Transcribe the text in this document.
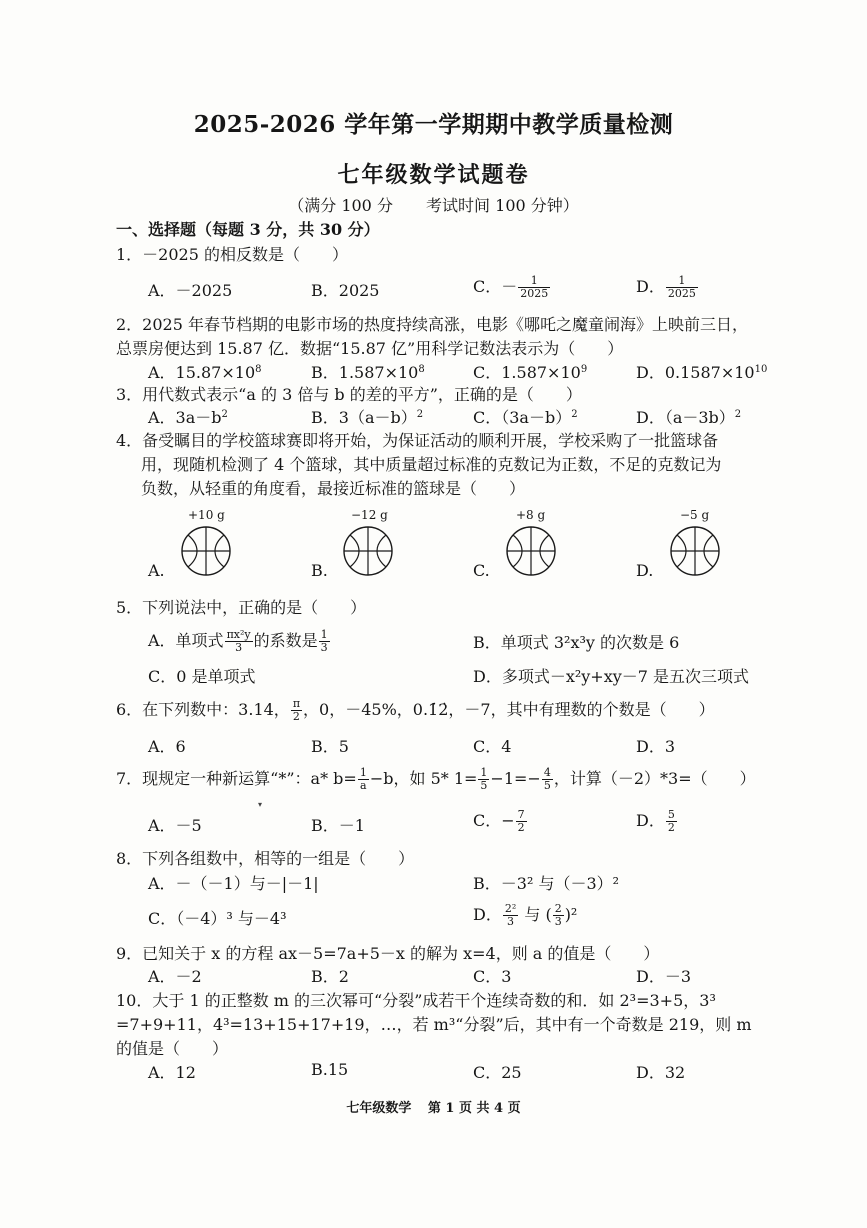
2025-2026 学年第一学期期中教学质量检测
七年级数学试题卷
（满分 100 分 考试时间 100 分钟）
一、选择题（每题 3 分，共 30 分）
1．－2025 的相反数是（　　）
A．－2025	B．2025	C．－ $\frac{1}{2025}$	D． $\frac{1}{2025}$
2．2025 年春节档期的电影市场的热度持续高涨，电影《哪吒之魔童闹海》上映前三日，
总票房便达到 15.87 亿．数据“15.87 亿”用科学记数法表示为（　　）
A．$15.87\times 10^8$	B．$1.587\times 10^8$	C．$1.587\times 10^9$	D．$0.1587\times 10^{10}$
3．用代数式表示“a 的 3 倍与 b 的差的平方”，正确的是（　　）
A．$3a-b^2$	B．$3(a-b)^2$	C．$(3a-b)^2$	D．$(a-3b)^2$
4．备受瞩目的学校篮球赛即将开始，为保证活动的顺利开展，学校采购了一批篮球备
用，现随机检测了 4 个篮球，其中质量超过标准的克数记为正数，不足的克数记为
负数，从轻重的角度看，最接近标准的篮球是（　　）
A.
+10 g
B.
−12 g
C.
+8 g
D.
−5 g
5．下列说法中，正确的是（　　）
A．单项式 $\frac{\text{πx²y}}{3}$ 的系数是 $\frac{1}{3}$	B．单项式 3²x³y 的次数是 6
C．0 是单项式	D．多项式－x²y+xy－7 是五次三项式
6．在下列数中：3.14， $\frac{\pi}{2}$ ，0，－45%，0.1̇2̇，－7，其中有理数的个数是（　　）
A．6	B．5	C．4	D．3
7．现规定一种新运算“*”：a* $b= \frac{1}{a} -b$，如 5* $1= \frac{1}{5} -1=- \frac{4}{5}$ ，计算（－2）*3=（　　）
▾
A．－5	B．－1	C．− $\frac{7}{2}$	D． $\frac{5}{2}$
8．下列各组数中，相等的一组是（　　）
A．－（－1）与－|－1|	B．－3² 与（－3）²
C．（－4）³ 与－4³	D． $\frac{\text{2²}}{3}$ 与 ( $\frac{2}{3} )^2$
9．已知关于 x 的方程 ax－5=7a+5－x 的解为 x=4，则 a 的值是（　　）
A．－2	B．2	C．3	D．－3
10．大于 1 的正整数 m 的三次幂可“分裂”成若干个连续奇数的和．如 2³=3+5，3³
=7+9+11，4³=13+15+17+19，…，若 m³“分裂”后，其中有一个奇数是 219，则 m
的值是（　　）
A．12	B.15	C．25	D．32
七年级数学 第 1 页 共 4 页
